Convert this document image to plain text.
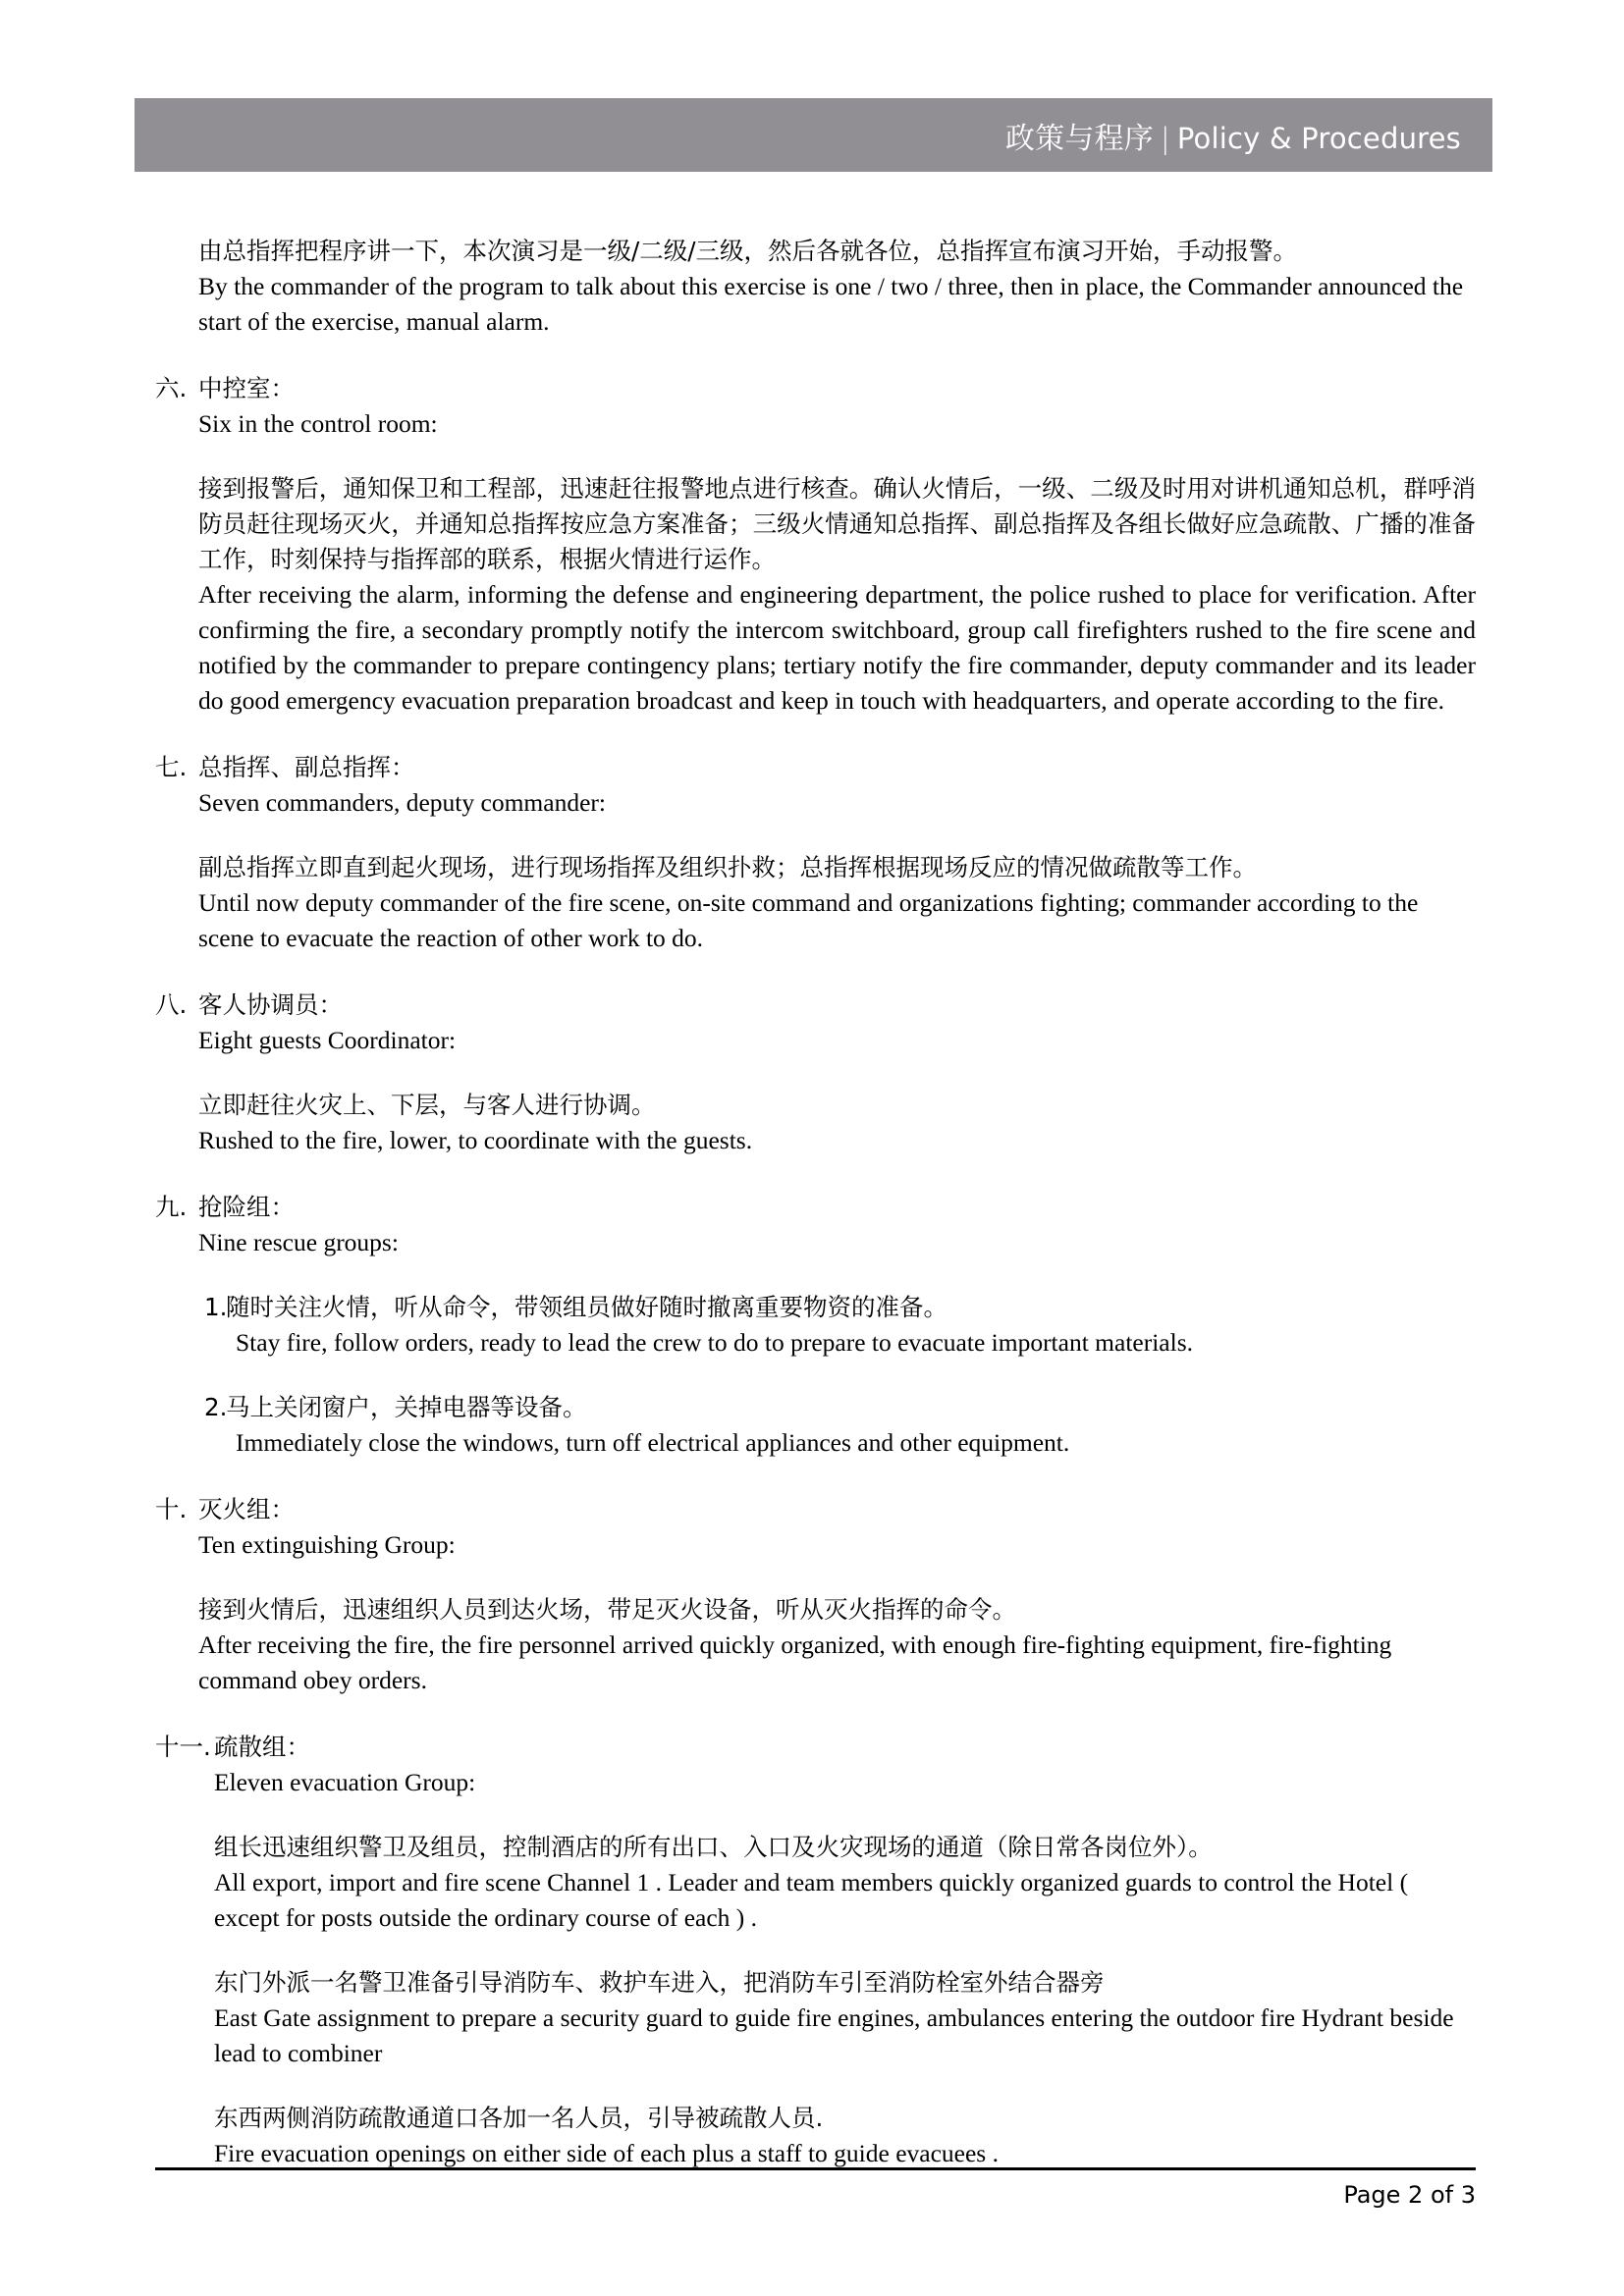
政策与程序 | Policy & Procedures

由总指挥把程序讲一下，本次演习是一级/二级/三级，然后各就各位，总指挥宣布演习开始，手动报警。

By the commander of the program to talk about this exercise is one / two / three, then in place, the Commander announced the start of the exercise, manual alarm.

六. 中控室：

Six in the control room:

接到报警后，通知保卫和工程部，迅速赶往报警地点进行核查。确认火情后，一级、二级及时用对讲机通知总机，群呼消防员赶往现场灭火，并通知总指挥按应急方案准备；三级火情通知总指挥、副总指挥及各组长做好应急疏散、广播的准备 工作，时刻保持与指挥部的联系，根据火情进行运作。

After receiving the alarm, informing the defense and engineering department, the police rushed to place for verification. After confirming the fire, a secondary promptly notify the intercom switchboard, group call firefighters rushed to the fire scene and notified by the commander to prepare contingency plans; tertiary notify the fire commander, deputy commander and its leader do good emergency evacuation preparation broadcast and keep in touch with headquarters, and operate according to the fire.

七. 总指挥、副总指挥：

Seven commanders, deputy commander:

副总指挥立即直到起火现场，进行现场指挥及组织扑救；总指挥根据现场反应的情况做疏散等工作。

Until now deputy commander of the fire scene, on-site command and organizations fighting; commander according to the scene to evacuate the reaction of other work to do.

八. 客人协调员：

Eight guests Coordinator:

立即赶往火灾上、下层，与客人进行协调。

Rushed to the fire, lower, to coordinate with the guests.

九. 抢险组：

Nine rescue groups:

1.

随时关注火情，听从命令，带领组员做好随时撤离重要物资的准备。

Stay fire, follow orders, ready to lead the crew to do to prepare to evacuate important materials.

2.

马上关闭窗户，关掉电器等设备。

Immediately close the windows, turn off electrical appliances and other equipment.

十. 灭火组：

Ten extinguishing Group:

接到火情后，迅速组织人员到达火场，带足灭火设备，听从灭火指挥的命令。

After receiving the fire, the fire personnel arrived quickly organized, with enough fire-fighting equipment, fire-fighting command obey orders.

十一. 疏散组：

Eleven evacuation Group:

组长迅速组织警卫及组员，控制酒店的所有出口、入口及火灾现场的通道（除日常各岗位外）。

All export, import and fire scene Channel 1 . Leader and team members quickly organized guards to control the Hotel ( except for posts outside the ordinary course of each ) .

东门外派一名警卫准备引导消防车、救护车进入，把消防车引至消防栓室外结合器旁

East Gate assignment to prepare a security guard to guide fire engines, ambulances entering the outdoor fire Hydrant beside lead to combiner

东西两侧消防疏散通道口各加一名人员，引导被疏散人员.

Fire evacuation openings on either side of each plus a staff to guide evacuees .

Page 2 of 3
